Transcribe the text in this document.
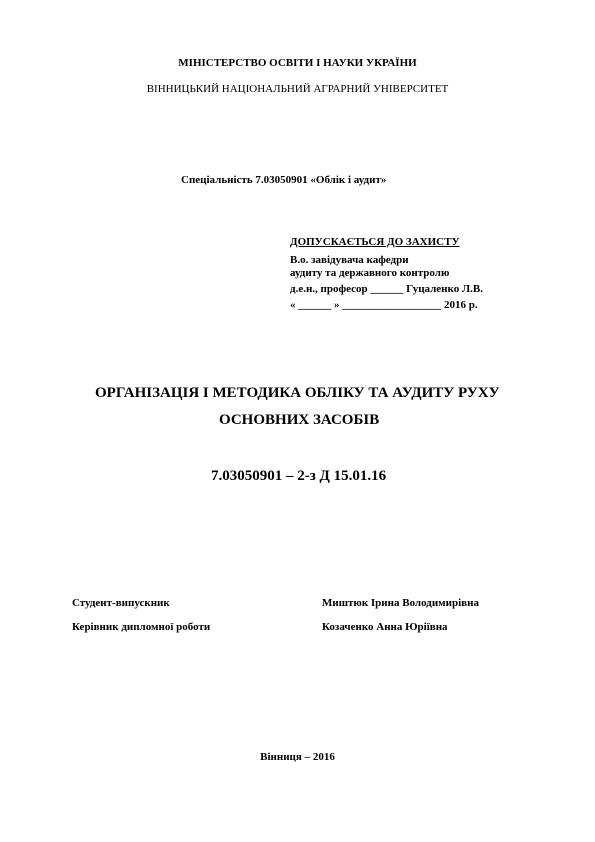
МІНІСТЕРСТВО ОСВІТИ І НАУКИ УКРАЇНИ
ВІННИЦЬКИЙ НАЦІОНАЛЬНИЙ АГРАРНИЙ УНІВЕРСИТЕТ
Спеціальність 7.03050901 «Облік і аудит»
ДОПУСКАЄТЬСЯ ДО ЗАХИСТУ
В.о. завідувача кафедри
аудиту та державного контролю
д.е.н., професор ______ Гуцаленко Л.В.
« ______ » __________________ 2016 р.
ОРГАНІЗАЦІЯ І МЕТОДИКА ОБЛІКУ ТА АУДИТУ РУХУ
ОСНОВНИХ ЗАСОБІВ
7.03050901 – 2-з Д 15.01.16
Студент-випускник	Миштюк Ірина Володимирівна
Керівник дипломної роботи	Козаченко Анна Юріївна
Вінниця – 2016
